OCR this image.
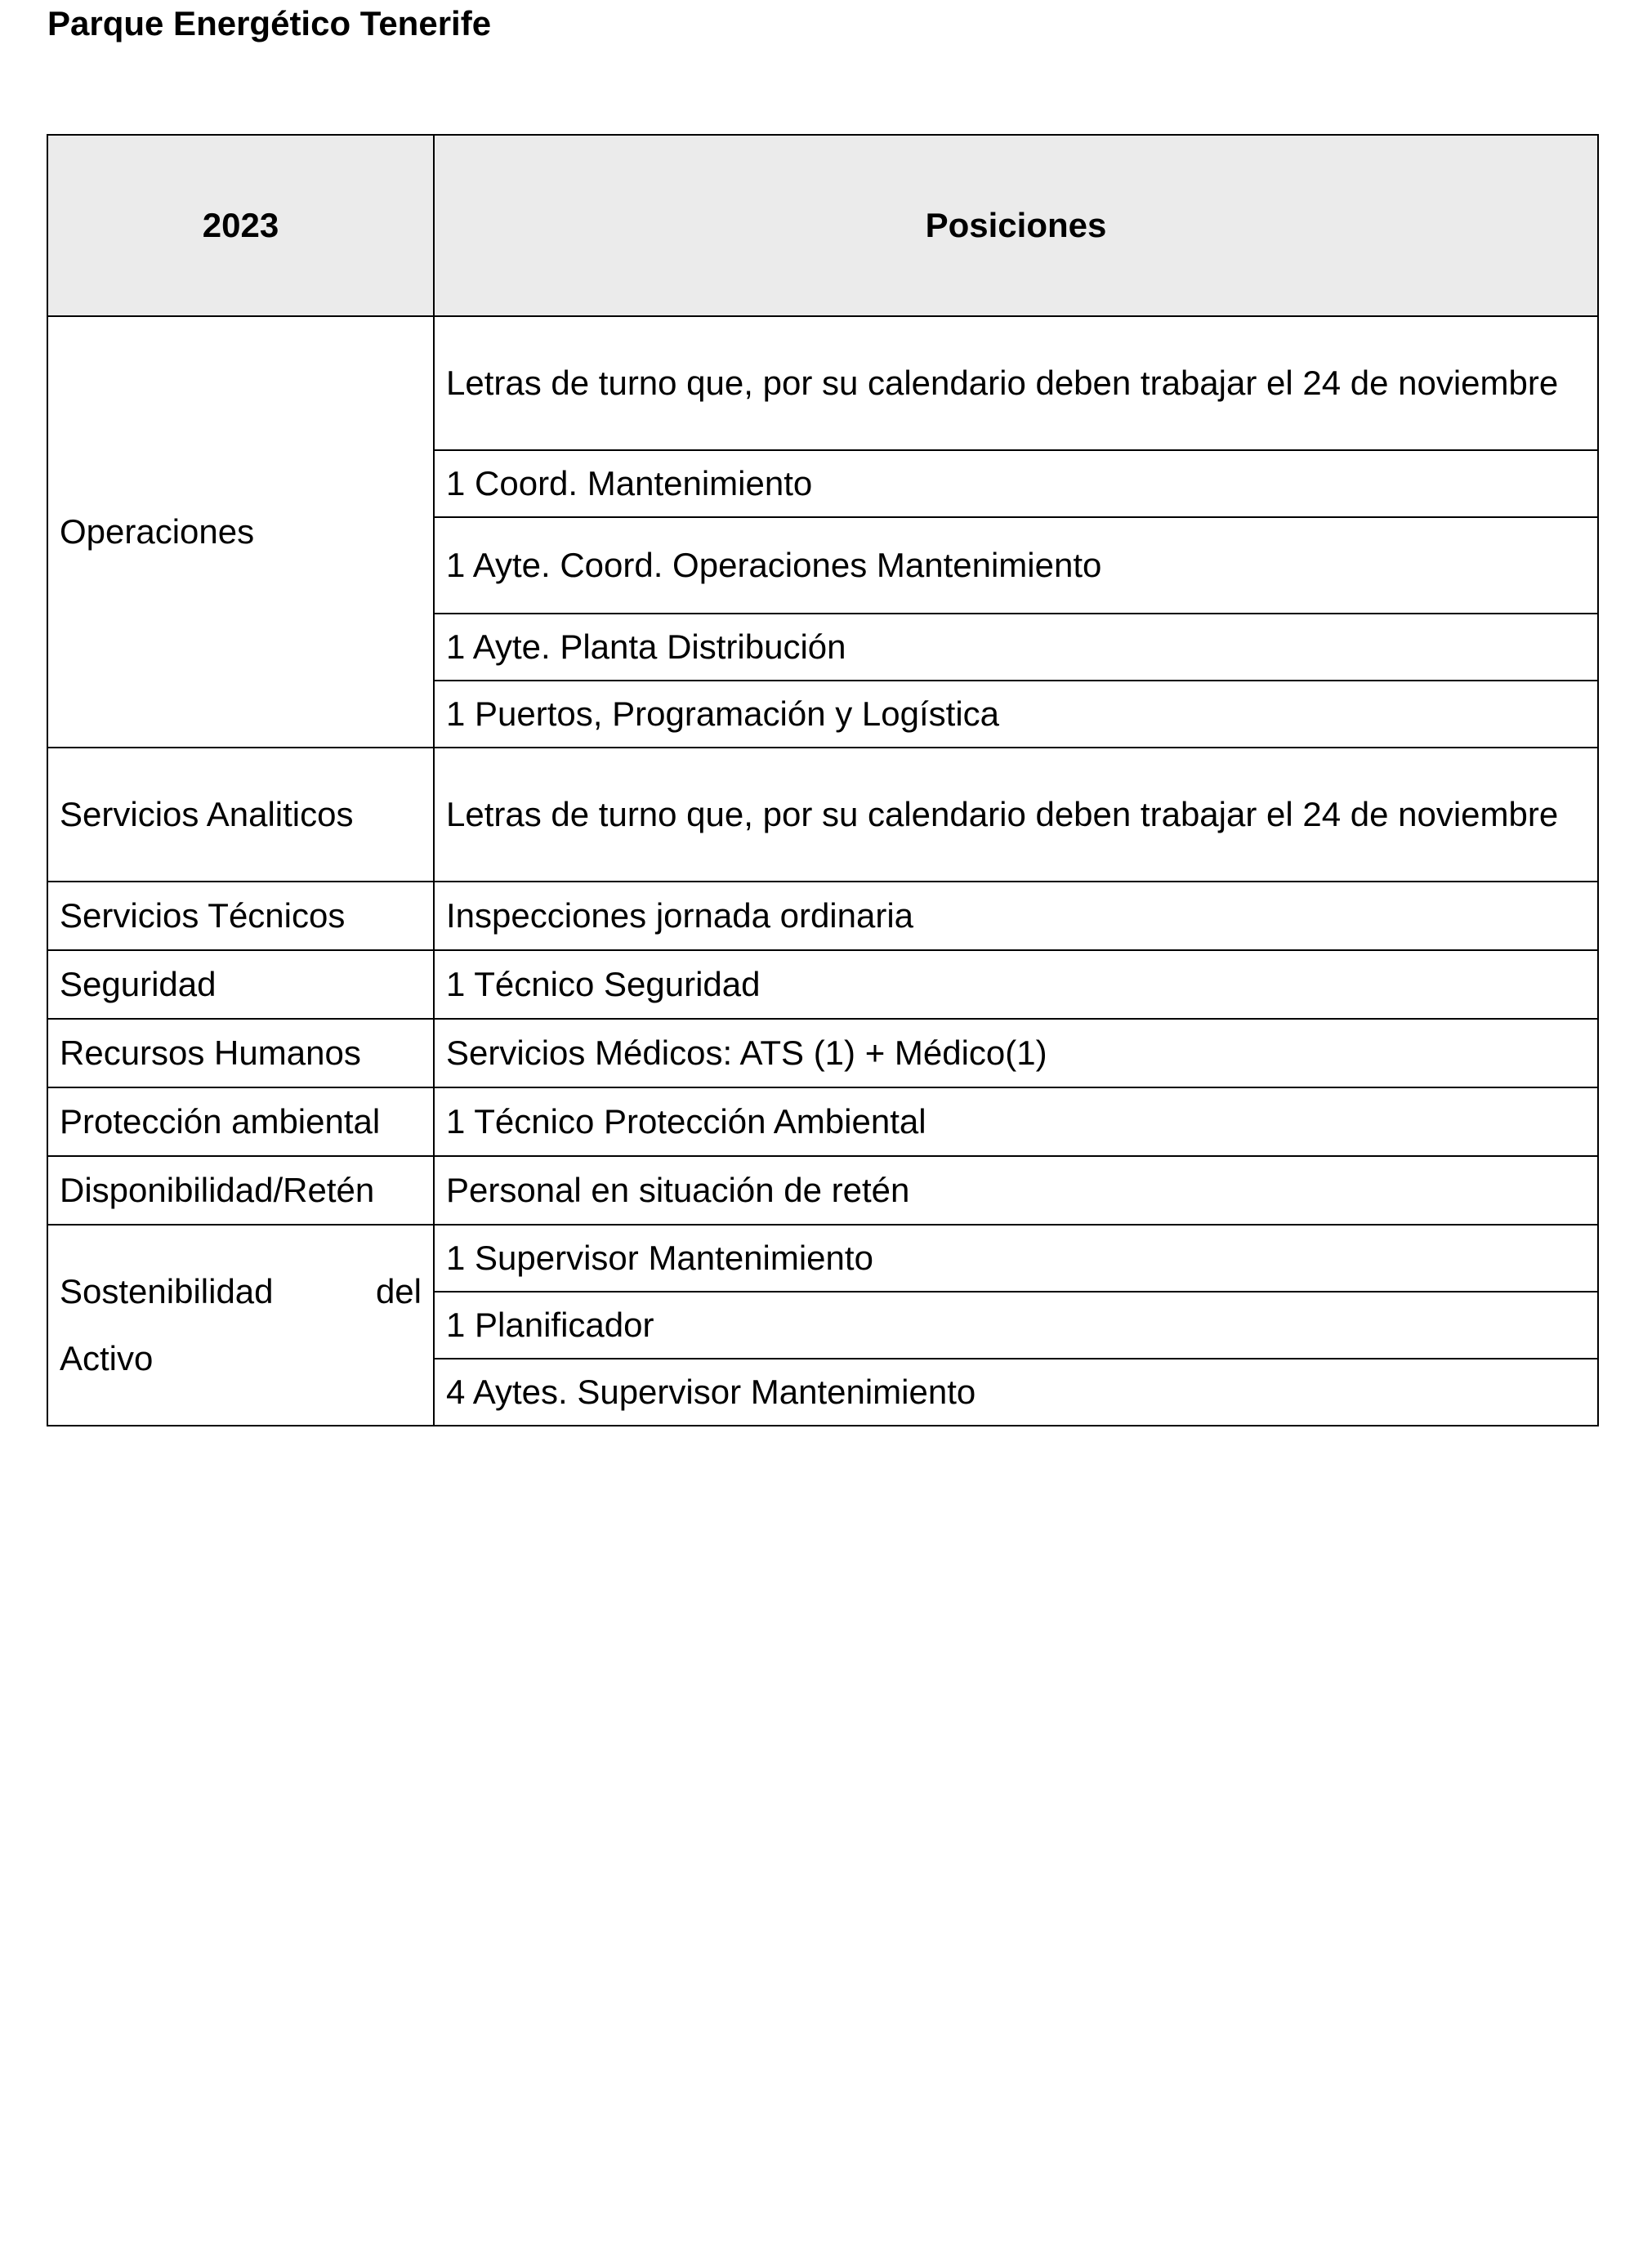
Parque Energético Tenerife
2023	Posiciones
Operaciones	Letras de turno que, por su calendario deben trabajar el 24 de noviembre
	1 Coord. Mantenimiento
	1 Ayte. Coord. Operaciones Mantenimiento
	1 Ayte. Planta Distribución
	1 Puertos, Programación y Logística
Servicios Analiticos	Letras de turno que, por su calendario deben trabajar el 24 de noviembre
Servicios Técnicos	Inspecciones jornada ordinaria
Seguridad	1 Técnico Seguridad
Recursos Humanos	Servicios Médicos: ATS (1) + Médico(1)
Protección ambiental	1 Técnico Protección Ambiental
Disponibilidad/Retén	Personal en situación de retén

Sostenibilidad del
Activo	1 Supervisor Mantenimiento
	1 Planificador
	4 Aytes. Supervisor Mantenimiento
